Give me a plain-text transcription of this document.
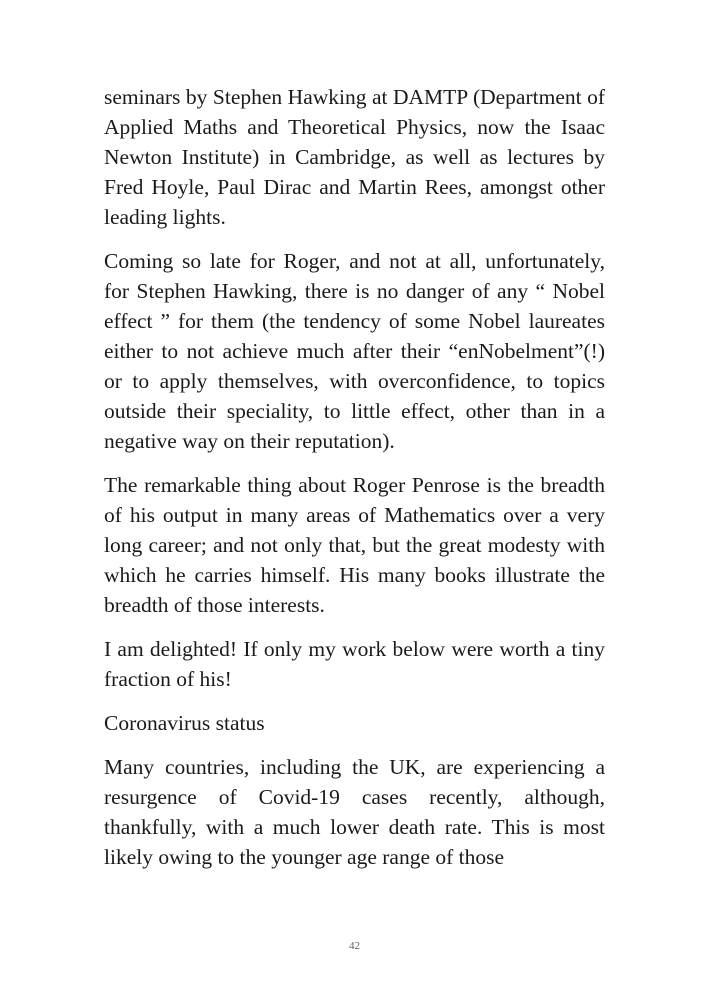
seminars by Stephen Hawking at DAMTP (Department of Applied Maths and Theoretical Physics, now the Isaac Newton Institute) in Cambridge, as well as lectures by Fred Hoyle, Paul Dirac and Martin Rees, amongst other leading lights.

Coming so late for Roger, and not at all, unfortunately, for Stephen Hawking, there is no danger of any “ Nobel effect ” for them (the tendency of some Nobel laureates either to not achieve much after their “enNobelment”(!) or to apply themselves, with overconfidence, to topics outside their speciality, to little effect, other than in a negative way on their reputation).

The remarkable thing about Roger Penrose is the breadth of his output in many areas of Mathematics over a very long career; and not only that, but the great modesty with which he carries himself. His many books illustrate the breadth of those interests.

I am delighted! If only my work below were worth a tiny fraction of his!

Coronavirus status

Many countries, including the UK, are experiencing a resurgence of Covid-19 cases recently, although, thankfully, with a much lower death rate. This is most likely owing to the younger age range of those

42
